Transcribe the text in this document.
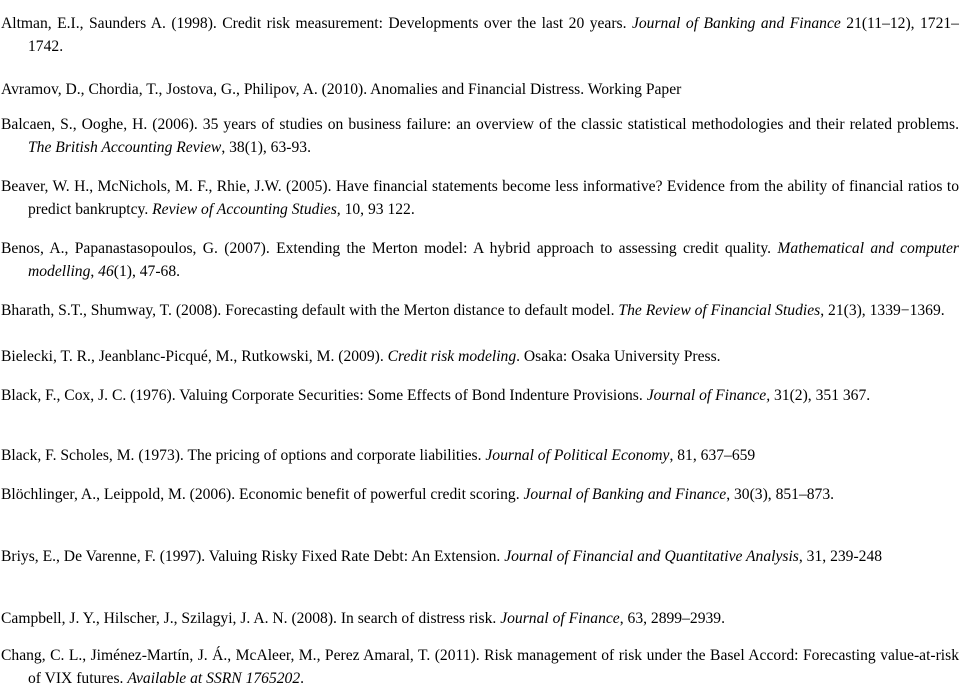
Altman, E.I., Saunders A. (1998). Credit risk measurement: Developments over the last 20 years. Journal of Banking and Finance 21(11–12), 1721–1742.

Avramov, D., Chordia, T., Jostova, G., Philipov, A. (2010). Anomalies and Financial Distress. Working Paper

Balcaen, S., Ooghe, H. (2006). 35 years of studies on business failure: an overview of the classic statistical methodologies and their related problems. The British Accounting Review, 38(1), 63-93.

Beaver, W. H., McNichols, M. F., Rhie, J.W. (2005). Have financial statements become less informative? Evidence from the ability of financial ratios to predict bankruptcy. Review of Accounting Studies, 10, 93 122.

Benos, A., Papanastasopoulos, G. (2007). Extending the Merton model: A hybrid approach to assessing credit quality. Mathematical and computer modelling, 46(1), 47-68.

Bharath, S.T., Shumway, T. (2008). Forecasting default with the Merton distance to default model. The Review of Financial Studies, 21(3), 1339−1369.

Bielecki, T. R., Jeanblanc-Picqué, M., Rutkowski, M. (2009). Credit risk modeling. Osaka: Osaka University Press.

Black, F., Cox, J. C. (1976). Valuing Corporate Securities: Some Effects of Bond Indenture Provisions. Journal of Finance, 31(2), 351 367.

Black, F. Scholes, M. (1973). The pricing of options and corporate liabilities. Journal of Political Economy, 81, 637–659

Blöchlinger, A., Leippold, M. (2006). Economic benefit of powerful credit scoring. Journal of Banking and Finance, 30(3), 851–873.

Briys, E., De Varenne, F. (1997). Valuing Risky Fixed Rate Debt: An Extension. Journal of Financial and Quantitative Analysis, 31, 239-248

Campbell, J. Y., Hilscher, J., Szilagyi, J. A. N. (2008). In search of distress risk. Journal of Finance, 63, 2899–2939.

Chang, C. L., Jiménez-Martín, J. Á., McAleer, M., Perez Amaral, T. (2011). Risk management of risk under the Basel Accord: Forecasting value-at-risk of VIX futures. Available at SSRN 1765202.
